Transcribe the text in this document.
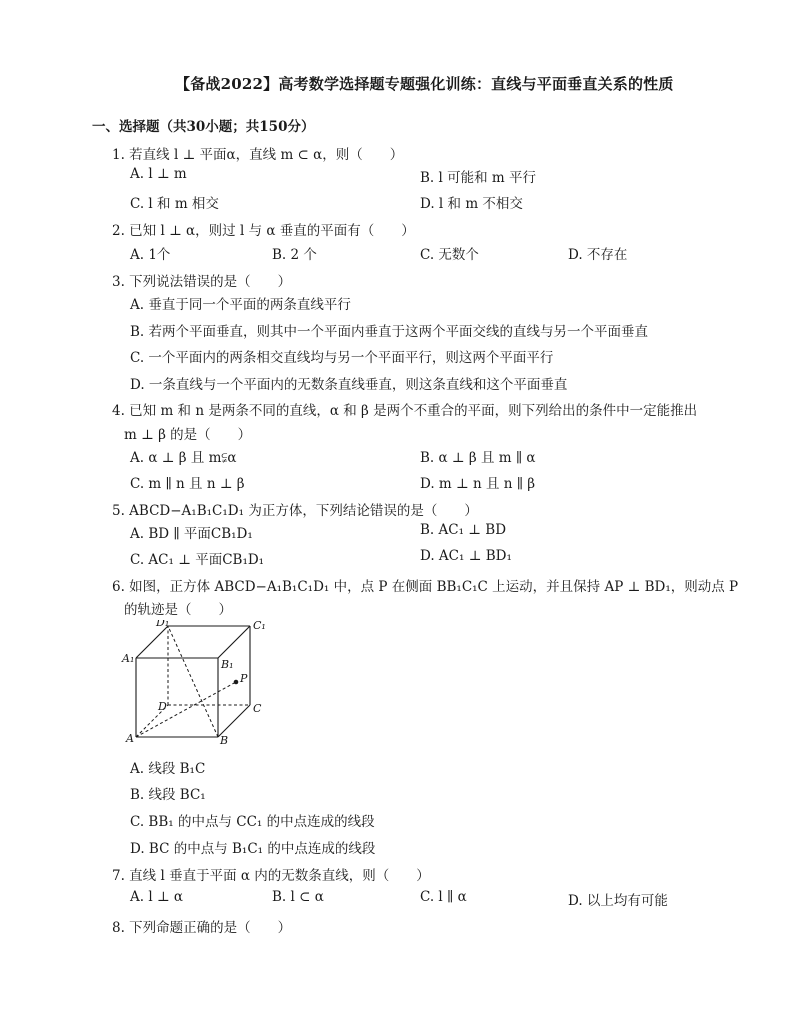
【备战2022】高考数学选择题专题强化训练：直线与平面垂直关系的性质
一、选择题（共30小题；共150分）
1. 若直线 l ⊥ 平面α，直线 m ⊂ α，则（　　）
A. l ⊥ m	B. l 可能和 m 平行
C. l 和 m 相交	D. l 和 m 不相交
2. 已知 l ⊥ α，则过 l 与 α 垂直的平面有（　　）
A. 1个	B. 2 个	C. 无数个	D. 不存在
3. 下列说法错误的是（　　）
A. 垂直于同一个平面的两条直线平行
B. 若两个平面垂直，则其中一个平面内垂直于这两个平面交线的直线与另一个平面垂直
C. 一个平面内的两条相交直线均与另一个平面平行，则这两个平面平行
D. 一条直线与一个平面内的无数条直线垂直，则这条直线和这个平面垂直
4. 已知 m 和 n 是两条不同的直线，α 和 β 是两个不重合的平面，则下列给出的条件中一定能推出
m ⊥ β 的是（　　）
A. α ⊥ β 且 m⫋α	B. α ⊥ β 且 m ∥ α
C. m ∥ n 且 n ⊥ β	D. m ⊥ n 且 n ∥ β
5. ABCD−A₁B₁C₁D₁ 为正方体，下列结论错误的是（　　）
A. BD ∥ 平面CB₁D₁	B. AC₁ ⊥ BD
C. AC₁ ⊥ 平面CB₁D₁	D. AC₁ ⊥ BD₁
6. 如图，正方体 ABCD−A₁B₁C₁D₁ 中，点 P 在侧面 BB₁C₁C 上运动，并且保持 AP ⊥ BD₁，则动点 P
的轨迹是（　　）
D₁	C₁
A₁	B₁
P
D	C
A	B
A. 线段 B₁C
B. 线段 BC₁
C. BB₁ 的中点与 CC₁ 的中点连成的线段
D. BC 的中点与 B₁C₁ 的中点连成的线段
7. 直线 l 垂直于平面 α 内的无数条直线，则（　　）
A. l ⊥ α	B. l ⊂ α	C. l ∥ α	D. 以上均有可能
8. 下列命题正确的是（　　）
